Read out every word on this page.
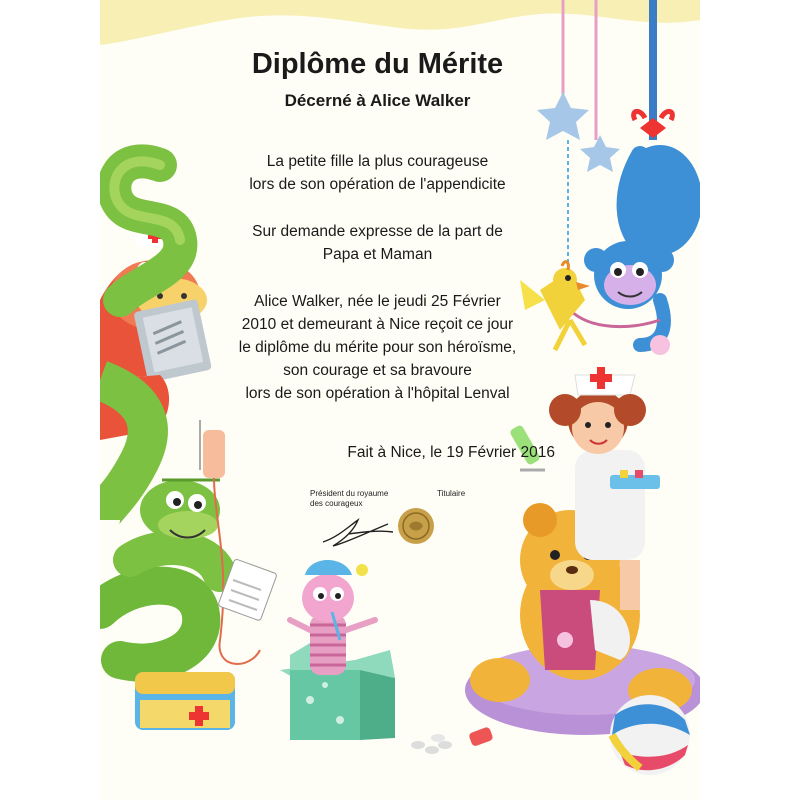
Diplôme du Mérite
Décerné à Alice Walker
La petite fille la plus courageuse
lors de son opération de l'appendicite
Sur demande expresse de la part de
Papa et Maman
Alice Walker, née le jeudi 25 Février
2010 et demeurant à Nice reçoit ce jour
le diplôme du mérite pour son héroïsme,
son courage et sa bravoure
lors de son opération à l'hôpital Lenval
Fait à Nice, le 19 Février 2016
Président du royaume
des courageux
Titulaire
